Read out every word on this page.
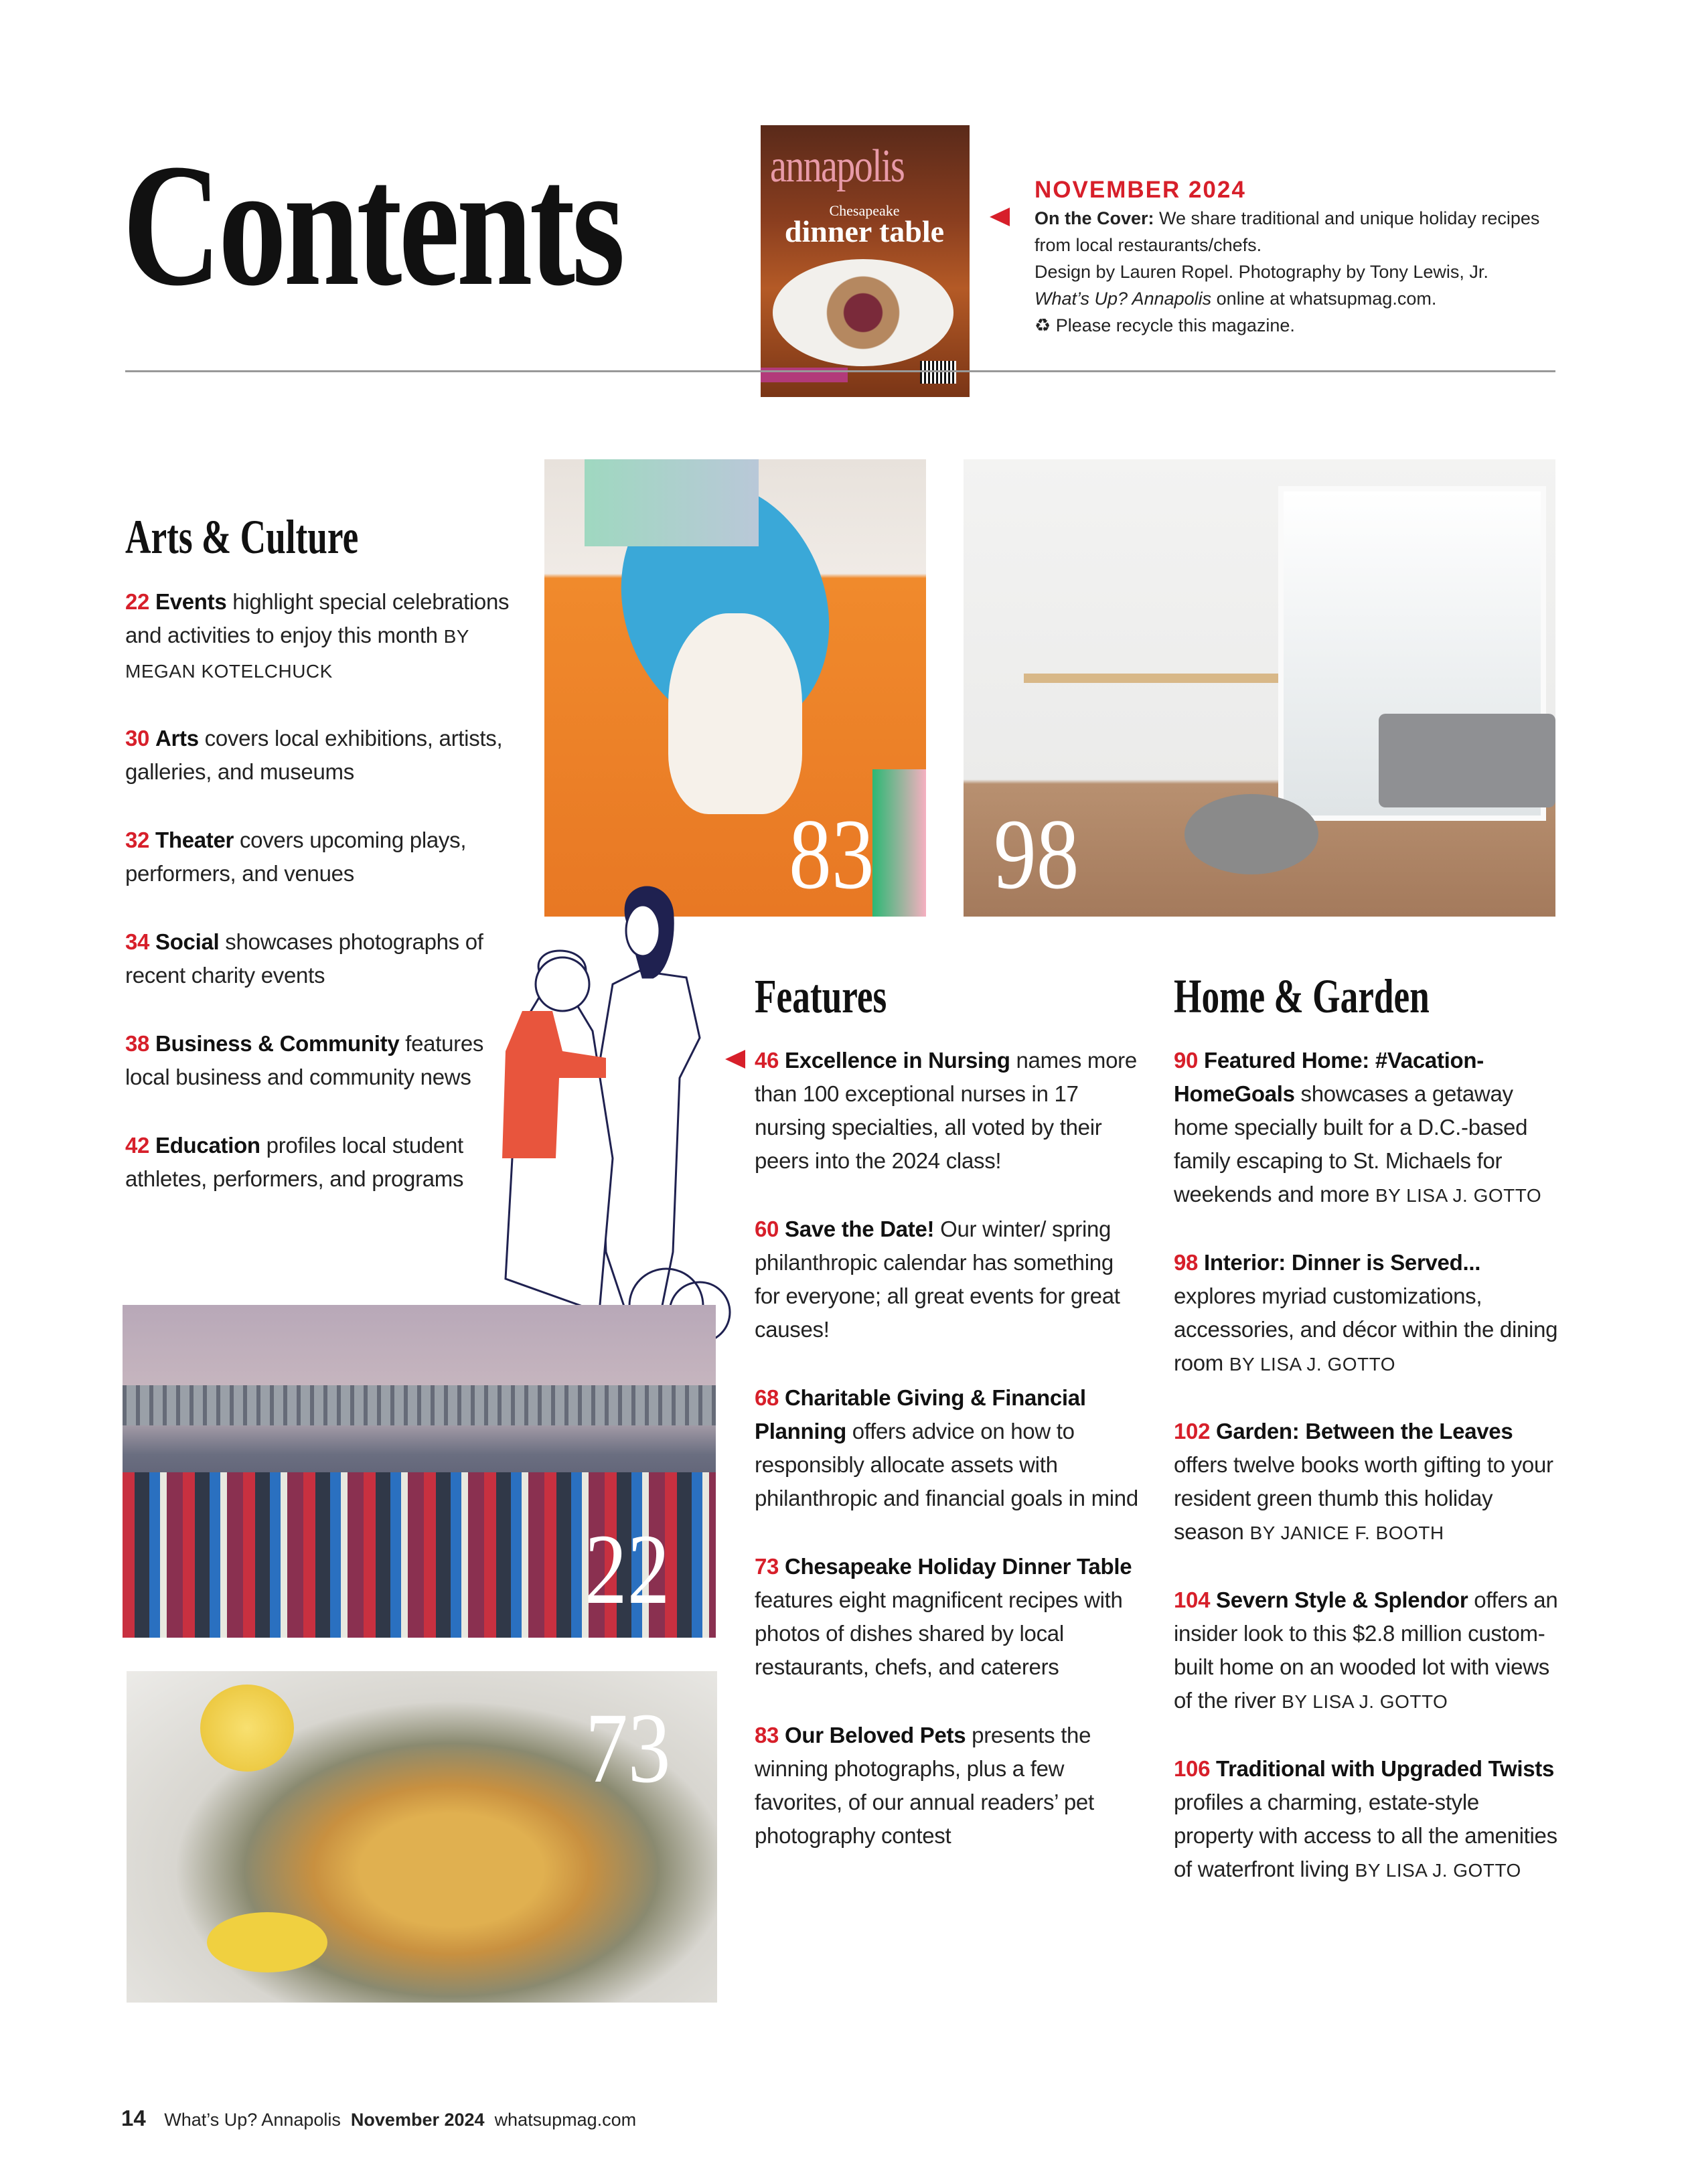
Contents	annapolis
Chesapeake
dinner table
NOVEMBER 2024
On the Cover: We share traditional and unique holiday recipes from local restaurants/chefs.
Design by Lauren Ropel. Photography by Tony Lewis, Jr.
What’s Up? Annapolis online at whatsupmag.com.
♻ Please recycle this magazine.
83 98
Arts & Culture
22 Events highlight special celebrations and activities to enjoy this month BY MEGAN KOTELCHUCK
30 Arts covers local exhibitions, artists, galleries, and museums
32 Theater covers upcoming plays, performers, and venues
34 Social showcases photographs of recent charity events
38 Business & Community features local business and community news
42 Education profiles local student athletes, performers, and programs
22
73
Features
46 Excellence in Nursing names more than 100 exceptional nurses in 17 nursing specialties, all voted by their peers into the 2024 class!
60 Save the Date! Our winter/ spring philanthropic calendar has something for everyone; all great events for great causes!
68 Charitable Giving & Financial Planning offers advice on how to responsibly allocate assets with philanthropic and financial goals in mind
73 Chesapeake Holiday Dinner Table features eight magnificent recipes with photos of dishes shared by local restaurants, chefs, and caterers
83 Our Beloved Pets presents the winning photographs, plus a few favorites, of our annual readers’ pet photography contest
Home & Garden
90 Featured Home: #Vacation-HomeGoals showcases a getaway home specially built for a D.C.-based family escaping to St. Michaels for weekends and more BY LISA J. GOTTO
98 Interior: Dinner is Served... explores myriad customizations, accessories, and décor within the dining room BY LISA J. GOTTO
102 Garden: Between the Leaves offers twelve books worth gifting to your resident green thumb this holiday season BY JANICE F. BOOTH
104 Severn Style & Splendor offers an insider look to this $2.8 million custom-built home on an wooded lot with views of the river BY LISA J. GOTTO
106 Traditional with Upgraded Twists profiles a charming, estate-style property with access to all the amenities of waterfront living BY LISA J. GOTTO
14 What’s Up? Annapolis November 2024 whatsupmag.com
